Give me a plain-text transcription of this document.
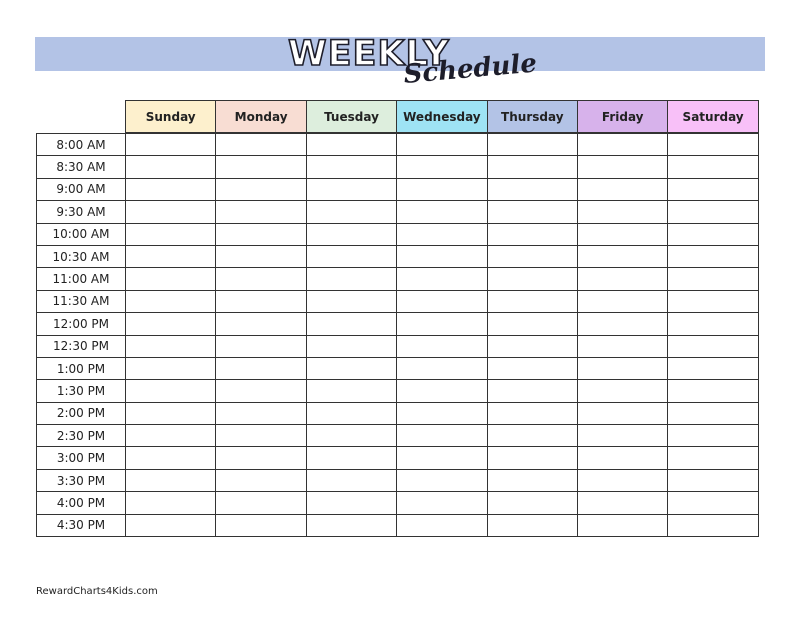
WEEKLY
Schedule
Sunday	Monday	Tuesday	Wednesday	Thursday	Friday	Saturday
8:00 AM							
8:30 AM							
9:00 AM							
9:30 AM							
10:00 AM							
10:30 AM							
11:00 AM							
11:30 AM							
12:00 PM							
12:30 PM							
1:00 PM							
1:30 PM							
2:00 PM							
2:30 PM							
3:00 PM							
3:30 PM							
4:00 PM							
4:30 PM							
RewardCharts4Kids.com
